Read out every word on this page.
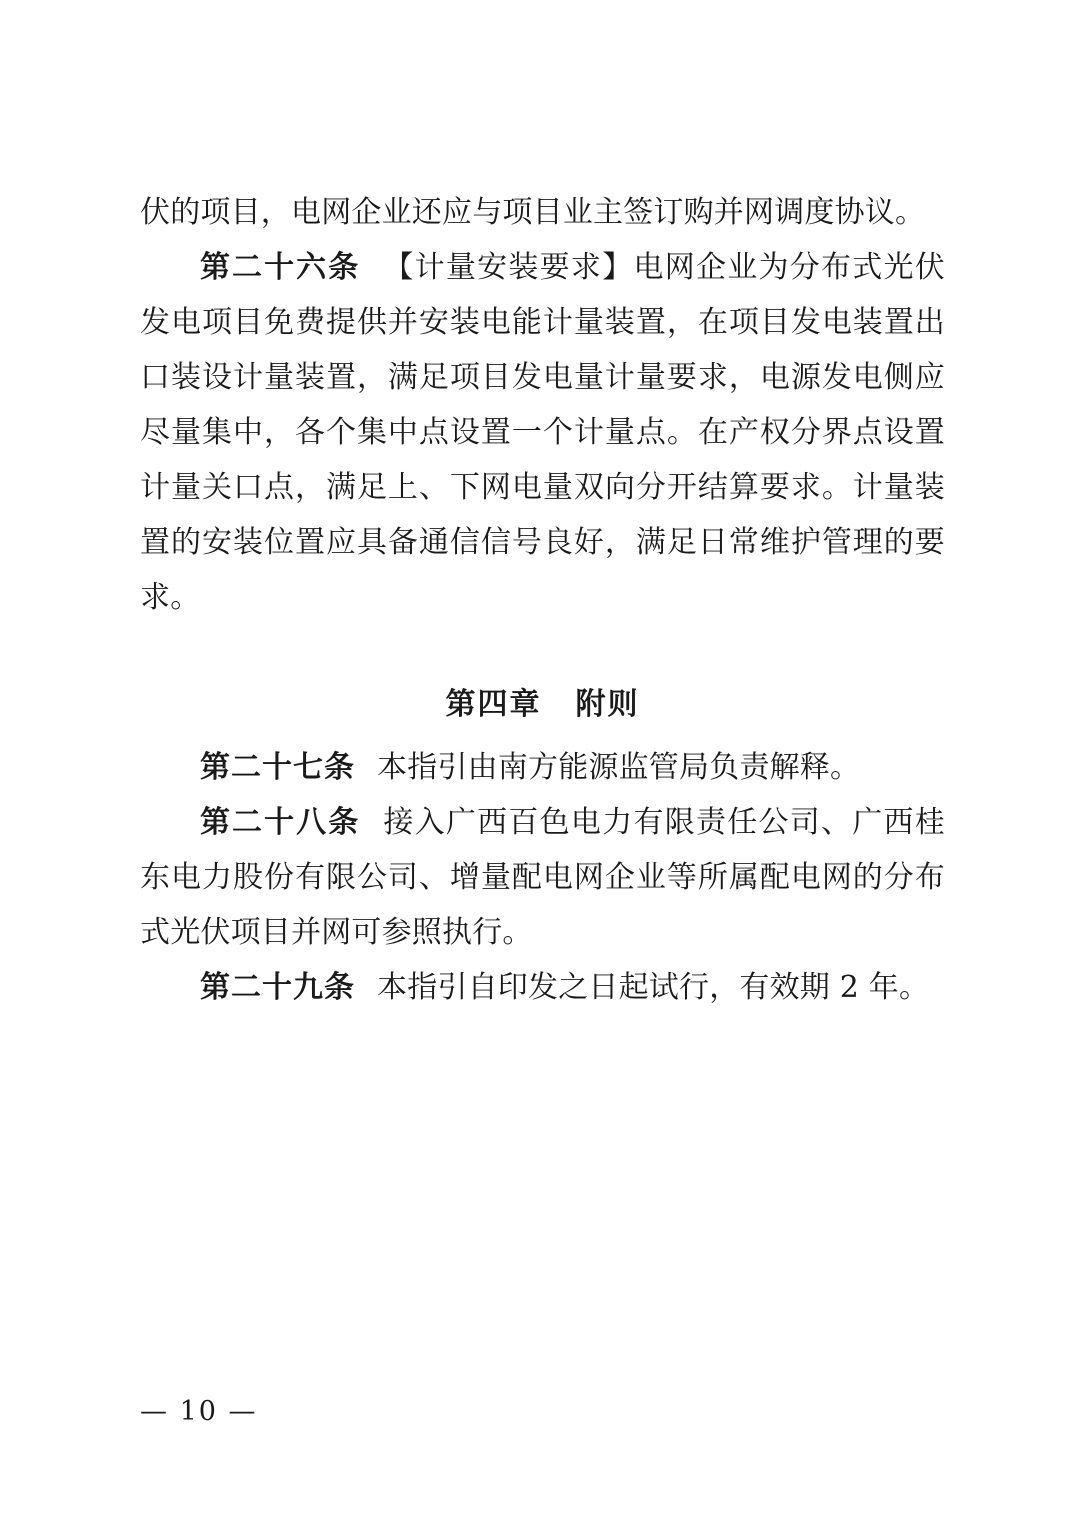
伏的项目，电网企业还应与项目业主签订购并网调度协议。

第二十六条 【计量安装要求】电网企业为分布式光伏发电项目免费提供并安装电能计量装置，在项目发电装置出口装设计量装置，满足项目发电量计量要求，电源发电侧应尽量集中，各个集中点设置一个计量点。在产权分界点设置计量关口点，满足上、下网电量双向分开结算要求。计量装置的安装位置应具备通信信号良好，满足日常维护管理的要求。

第四章 附则

第二十七条 本指引由南方能源监管局负责解释。

第二十八条 接入广西百色电力有限责任公司、广西桂东电力股份有限公司、增量配电网企业等所属配电网的分布式光伏项目并网可参照执行。

第二十九条 本指引自印发之日起试行，有效期 2 年。

— 10 —
